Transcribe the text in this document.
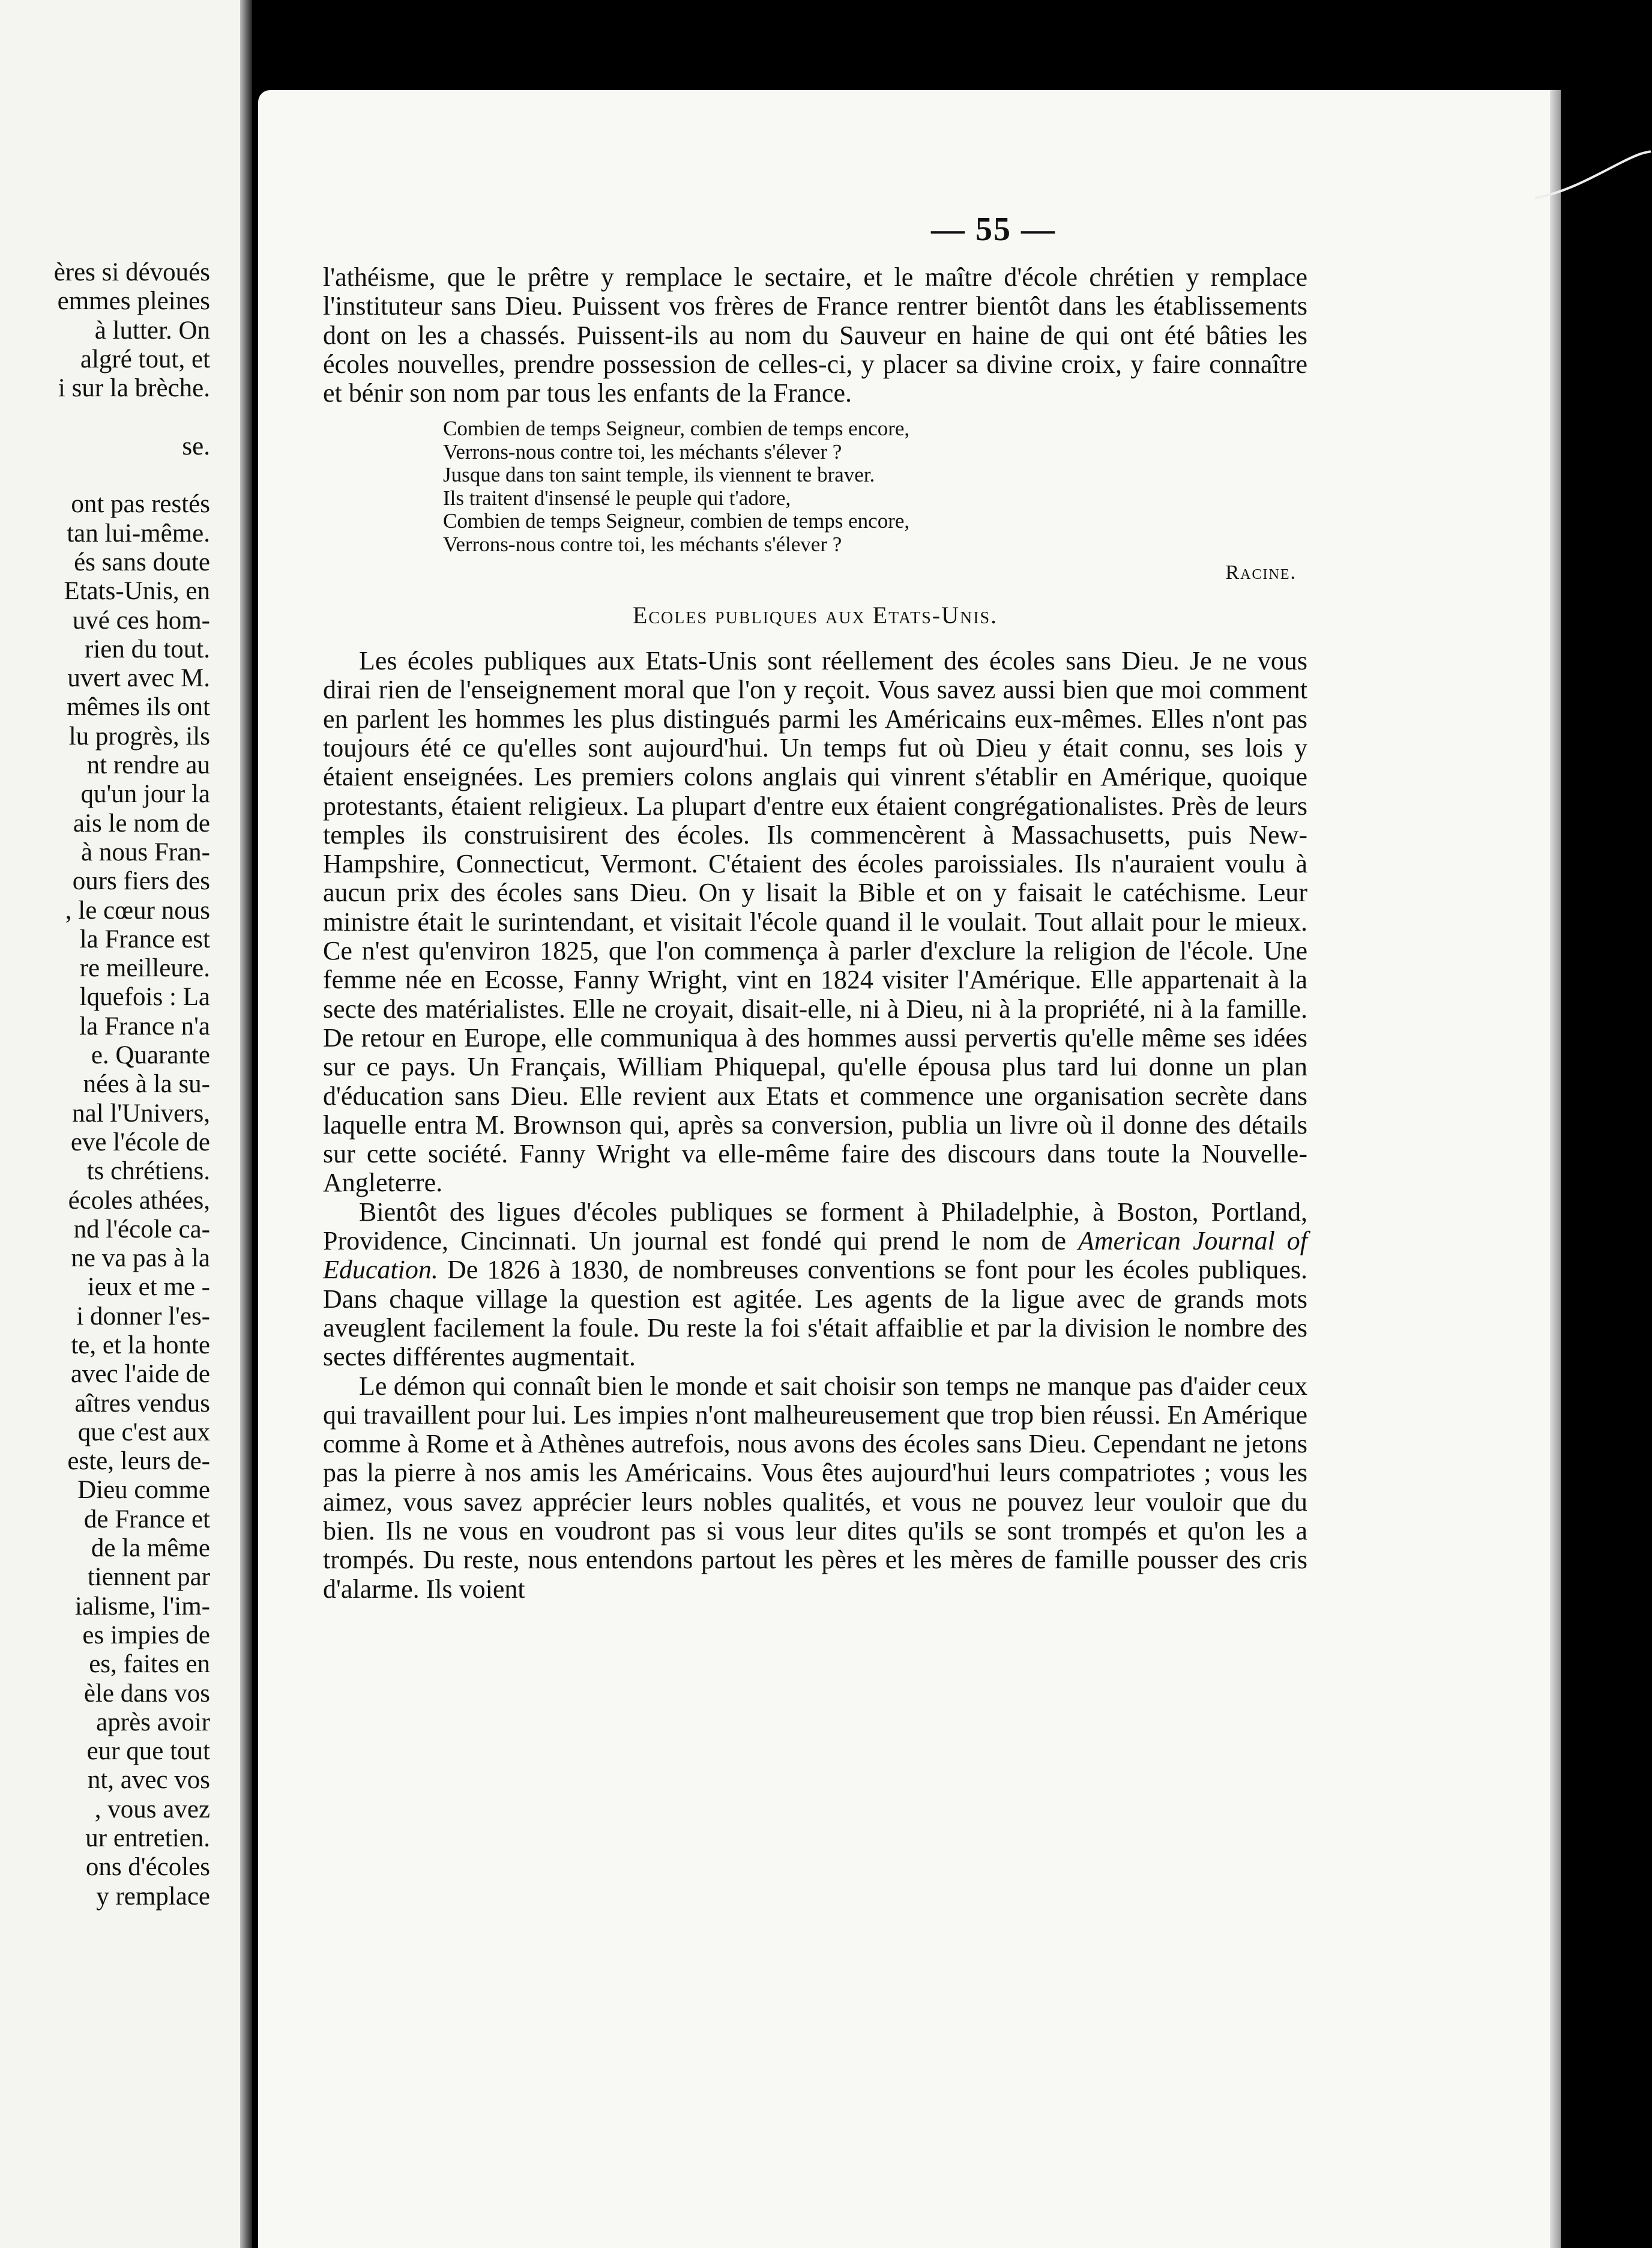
ères si dévoués
emmes pleines
à lutter. On
algré tout, et
i sur la brèche.
se.
ont pas restés
tan lui-même.
és sans doute
Etats-Unis, en
uvé ces hom-
rien du tout.
uvert avec M.
mêmes ils ont
lu progrès, ils
nt rendre au
qu'un jour la
ais le nom de
à nous Fran-
ours fiers des
, le cœur nous
la France est
re meilleure.
lquefois : La
la France n'a
e. Quarante
nées à la su-
nal l'Univers,
eve l'école de
ts chrétiens.
écoles athées,
nd l'école ca-
ne va pas à la
ieux et me -
i donner l'es-
te, et la honte
avec l'aide de
aîtres vendus
que c'est aux
este, leurs de-
Dieu comme
de France et
de la même
tiennent par
ialisme, l'im-
es impies de
es, faites en
èle dans vos
après avoir
eur que tout
nt, avec vos
, vous avez
ur entretien.
ons d'écoles
y remplace
— 55 —

l'athéisme, que le prêtre y remplace le sectaire, et le maître d'école chrétien y remplace l'instituteur sans Dieu. Puissent vos frères de France rentrer bientôt dans les établissements dont on les a chassés. Puissent-ils au nom du Sauveur en haine de qui ont été bâties les écoles nouvelles, prendre possession de celles-ci, y placer sa divine croix, y faire connaître et bénir son nom par tous les enfants de la France.

Combien de temps Seigneur, combien de temps encore,
Verrons-nous contre toi, les méchants s'élever ?
Jusque dans ton saint temple, ils viennent te braver.
Ils traitent d'insensé le peuple qui t'adore,
Combien de temps Seigneur, combien de temps encore,
Verrons-nous contre toi, les méchants s'élever ?
Racine.
Ecoles publiques aux Etats-Unis.

Les écoles publiques aux Etats-Unis sont réellement des écoles sans Dieu. Je ne vous dirai rien de l'enseignement moral que l'on y reçoit. Vous savez aussi bien que moi comment en parlent les hommes les plus distingués parmi les Américains eux-mêmes. Elles n'ont pas toujours été ce qu'elles sont aujourd'hui. Un temps fut où Dieu y était connu, ses lois y étaient enseignées. Les premiers colons anglais qui vinrent s'établir en Amérique, quoique protestants, étaient religieux. La plupart d'entre eux étaient congrégationalistes. Près de leurs temples ils construisirent des écoles. Ils commencèrent à Massachusetts, puis New-Hampshire, Connecticut, Vermont. C'étaient des écoles paroissiales. Ils n'auraient voulu à aucun prix des écoles sans Dieu. On y lisait la Bible et on y faisait le catéchisme. Leur ministre était le surintendant, et visitait l'école quand il le voulait. Tout allait pour le mieux. Ce n'est qu'environ 1825, que l'on commença à parler d'exclure la religion de l'école. Une femme née en Ecosse, Fanny Wright, vint en 1824 visiter l'Amérique. Elle appartenait à la secte des matérialistes. Elle ne croyait, disait-elle, ni à Dieu, ni à la propriété, ni à la famille. De retour en Europe, elle communiqua à des hommes aussi pervertis qu'elle même ses idées sur ce pays. Un Français, William Phiquepal, qu'elle épousa plus tard lui donne un plan d'éducation sans Dieu. Elle revient aux Etats et commence une organisation secrète dans laquelle entra M. Brownson qui, après sa conversion, publia un livre où il donne des détails sur cette société. Fanny Wright va elle-même faire des discours dans toute la Nouvelle-Angleterre.

Bientôt des ligues d'écoles publiques se forment à Philadelphie, à Boston, Portland, Providence, Cincinnati. Un journal est fondé qui prend le nom de American Journal of Education. De 1826 à 1830, de nombreuses conventions se font pour les écoles publiques. Dans chaque village la question est agitée. Les agents de la ligue avec de grands mots aveuglent facilement la foule. Du reste la foi s'était affaiblie et par la division le nombre des sectes différentes augmentait.

Le démon qui connaît bien le monde et sait choisir son temps ne manque pas d'aider ceux qui travaillent pour lui. Les impies n'ont malheureusement que trop bien réussi. En Amérique comme à Rome et à Athènes autrefois, nous avons des écoles sans Dieu. Cependant ne jetons pas la pierre à nos amis les Américains. Vous êtes aujourd'hui leurs compatriotes ; vous les aimez, vous savez apprécier leurs nobles qualités, et vous ne pouvez leur vouloir que du bien. Ils ne vous en voudront pas si vous leur dites qu'ils se sont trompés et qu'on les a trompés. Du reste, nous entendons partout les pères et les mères de famille pousser des cris d'alarme. Ils voient
